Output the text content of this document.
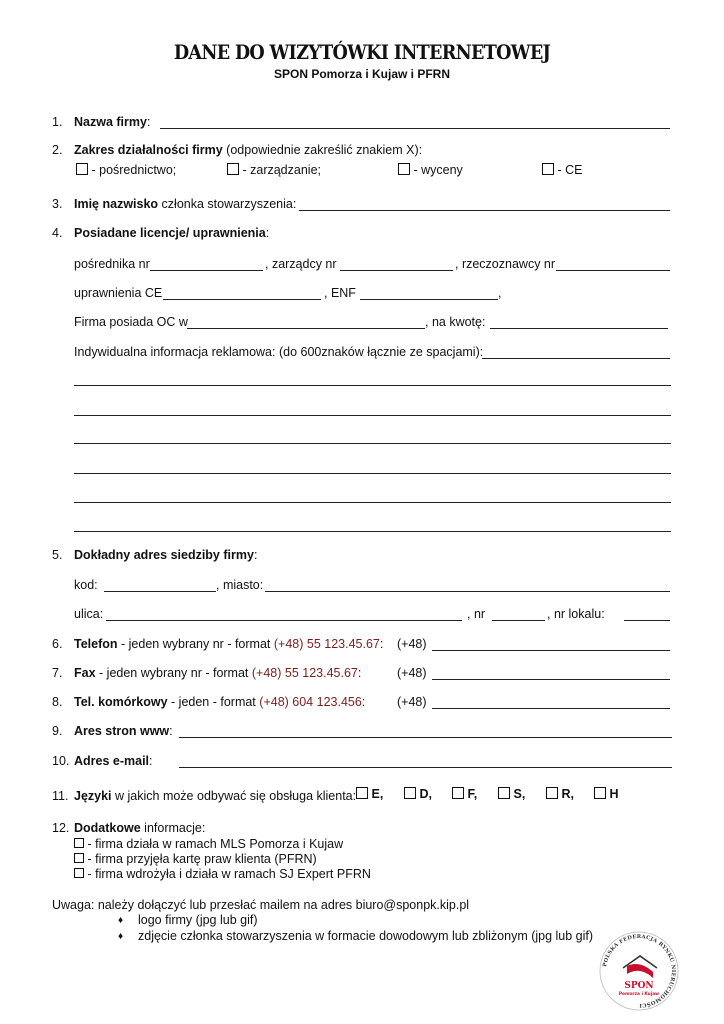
DANE DO WIZYTÓWKI INTERNETOWEJ
SPON Pomorza i Kujaw i PFRN
1. Nazwa firmy:
2. Zakres działalności firmy (odpowiednie zakreślić znakiem X):
- pośrednictwo;	- zarządzanie;	- wyceny	- CE
3. Imię nazwisko członka stowarzyszenia:
4. Posiadane licencje/ uprawnienia:
pośrednika nr	, zarządcy nr	, rzeczoznawcy nr
uprawnienia CE	, ENF	,
Firma posiada OC w	, na kwotę:
Indywidualna informacja reklamowa: (do 600znaków łącznie ze spacjami):
5. Dokładny adres siedziby firmy:
kod:	, miasto:
ulica:	, nr	, nr lokalu:
6. Telefon - jeden wybrany nr - format (+48) 55 123.45.67: (+48)
7. Fax - jeden wybrany nr - format (+48) 55 123.45.67:	(+48)
8. Tel. komórkowy - jeden - format (+48) 604 123.456:	(+48)
9. Ares stron www:
10. Adres e-mail:
11. Języki w jakich może odbywać się obsługa klienta:	E,	D,	F,	S,	R,	H
12. Dodatkowe informacje:
- firma działa w ramach MLS Pomorza i Kujaw
- firma przyjęła kartę praw klienta (PFRN)
- firma wdrożyła i działa w ramach SJ Expert PFRN
Uwaga: należy dołączyć lub przesłać mailem na adres biuro@sponpk.kip.pl
♦ logo firmy (jpg lub gif)
♦ zdjęcie członka stowarzyszenia w formacie dowodowym lub zbliżonym (jpg lub gif)
POLSKA FEDERACJA RYNKU NIERUCHOMOŚCI
SPON
Pomorza i Kujaw
